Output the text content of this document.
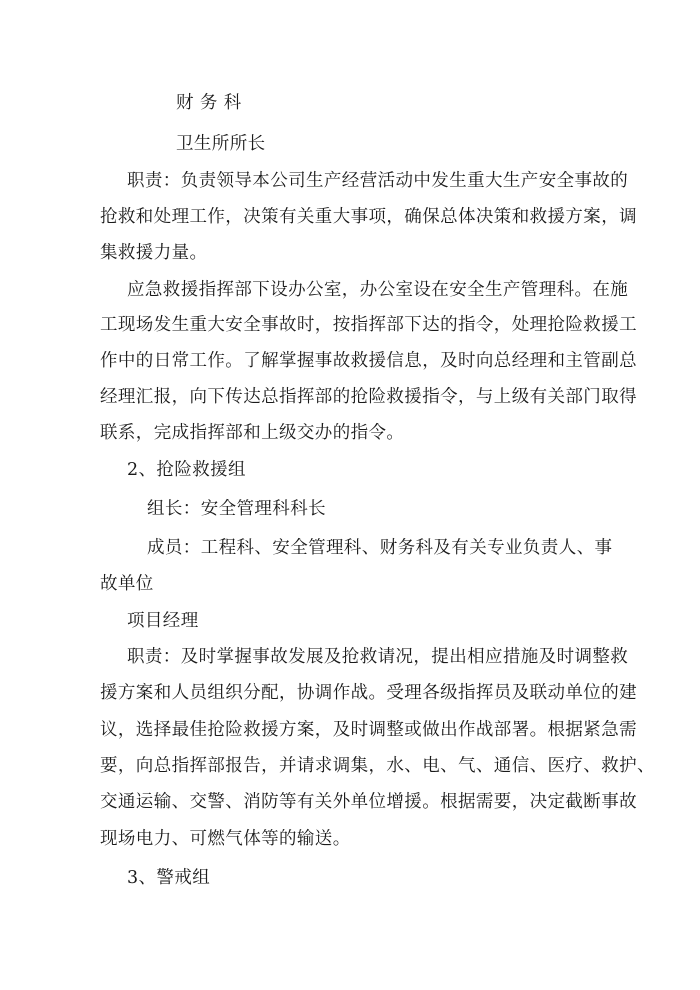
财 务 科
卫生所所长
职责：负责领导本公司生产经营活动中发生重大生产安全事故的
抢救和处理工作，决策有关重大事项，确保总体决策和救援方案，调
集救援力量。
应急救援指挥部下设办公室，办公室设在安全生产管理科。在施
工现场发生重大安全事故时，按指挥部下达的指令，处理抢险救援工
作中的日常工作。了解掌握事故救援信息，及时向总经理和主管副总
经理汇报，向下传达总指挥部的抢险救援指令，与上级有关部门取得
联系，完成指挥部和上级交办的指令。
2、抢险救援组
组长：安全管理科科长
成员：工程科、安全管理科、财务科及有关专业负责人、事
故单位
项目经理
职责：及时掌握事故发展及抢救请况，提出相应措施及时调整救
援方案和人员组织分配，协调作战。受理各级指挥员及联动单位的建
议，选择最佳抢险救援方案，及时调整或做出作战部署。根据紧急需
要，向总指挥部报告，并请求调集，水、电、气、通信、医疗、救护、
交通运输、交警、消防等有关外单位增援。根据需要，决定截断事故
现场电力、可燃气体等的输送。
3、警戒组
